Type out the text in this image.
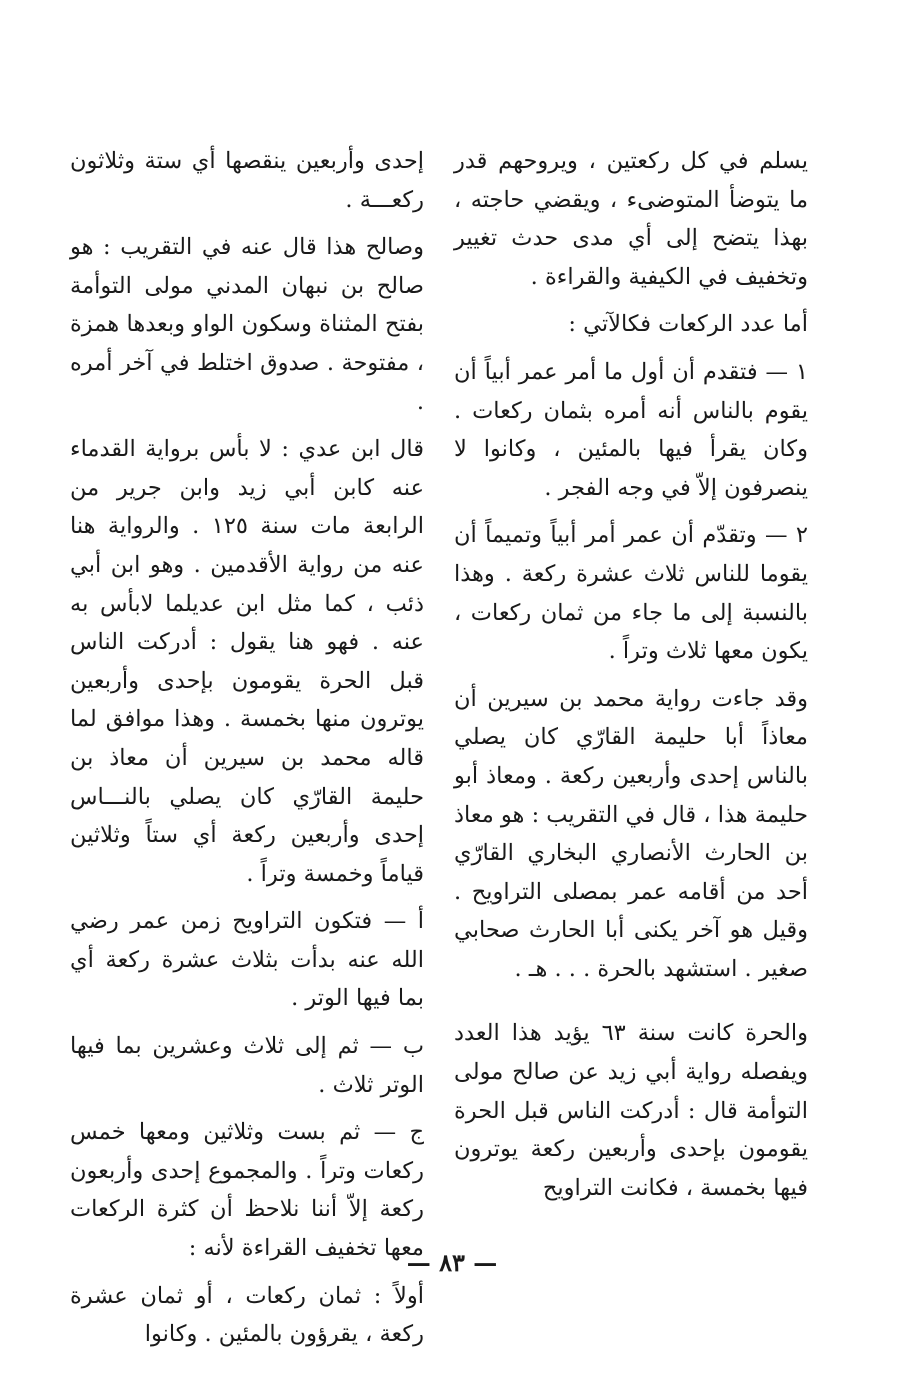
يسلم في كل ركعتين ، ويروحهم قدر ما يتوضأ المتوضىء ، ويقضي حاجته ، بهذا يتضح إلى أي مدى حدث تغيير وتخفيف في الكيفية والقراءة .

أما عدد الركعات فكالآتي :

١ — فتقدم أن أول ما أمر عمر أبياً أن يقوم بالناس أنه أمره بثمان ركعات . وكان يقرأ فيها بالمئين ، وكانوا لا ينصرفون إلاّ في وجه الفجر .

٢ — وتقدّم أن عمر أمر أبياً وتميماً أن يقوما للناس ثلاث عشرة ركعة . وهذا بالنسبة إلى ما جاء من ثمان ركعات ، يكون معها ثلاث وتراً .

وقد جاءت رواية محمد بن سيرين أن معاذاً أبا حليمة القارّي كان يصلي بالناس إحدى وأربعين ركعة . ومعاذ أبو حليمة هذا ، قال في التقريب : هو معاذ بن الحارث الأنصاري البخاري القارّي أحد من أقامه عمر بمصلى التراويح . وقيل هو آخر يكنى أبا الحارث صحابي صغير . استشهد بالحرة . . . هـ .

والحرة كانت سنة ٦٣ يؤيد هذا العدد ويفصله رواية أبي زيد عن صالح مولى التوأمة قال : أدركت الناس قبل الحرة يقومون بإحدى وأربعين ركعة يوترون فيها بخمسة ، فكانت التراويح

إحدى وأربعين ينقصها أي ستة وثلاثون ركعـــة .

وصالح هذا قال عنه في التقريب : هو صالح بن نبهان المدني مولى التوأمة بفتح المثناة وسكون الواو وبعدها همزة ، مفتوحة . صدوق اختلط في آخر أمره .

قال ابن عدي : لا بأس برواية القدماء عنه كابن أبي زيد وابن جرير من الرابعة مات سنة ١٢٥ . والرواية هنا عنه من رواية الأقدمين . وهو ابن أبي ذئب ، كما مثل ابن عديلما لابأس به عنه . فهو هنا يقول : أدركت الناس قبل الحرة يقومون بإحدى وأربعين يوترون منها بخمسة . وهذا موافق لما قاله محمد بن سيرين أن معاذ بن حليمة القارّي كان يصلي بالنـــاس إحدى وأربعين ركعة أي ستاً وثلاثين قياماً وخمسة وتراً .

أ — فتكون التراويح زمن عمر رضي الله عنه بدأت بثلاث عشرة ركعة أي بما فيها الوتر .

ب — ثم إلى ثلاث وعشرين بما فيها الوتر ثلاث .

ج — ثم بست وثلاثين ومعها خمس ركعات وتراً . والمجموع إحدى وأربعون ركعة إلاّ أننا نلاحظ أن كثرة الركعات معها تخفيف القراءة لأنه :

أولاً : ثمان ركعات ، أو ثمان عشرة ركعة ، يقرؤون بالمئين . وكانوا

— ٨٣ —
